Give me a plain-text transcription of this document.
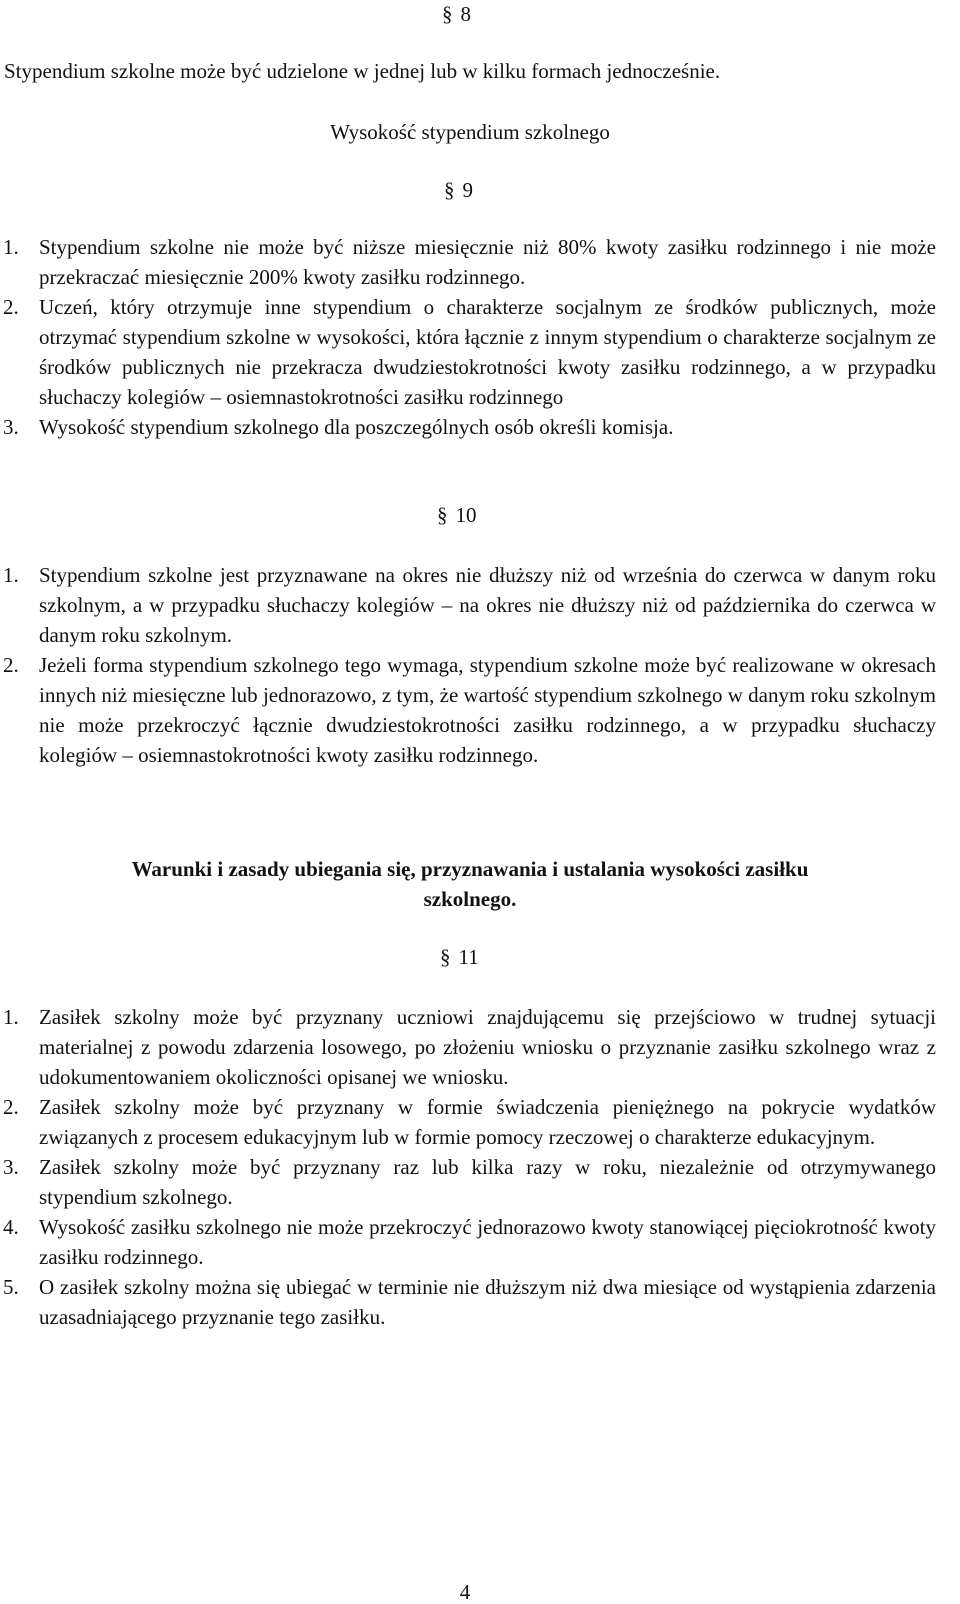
§ 8
Stypendium szkolne może być udzielone w jednej lub w kilku formach jednocześnie.
Wysokość stypendium szkolnego
§ 9
1. Stypendium szkolne nie może być niższe miesięcznie niż 80% kwoty zasiłku rodzinnego i nie może przekraczać miesięcznie 200% kwoty zasiłku rodzinnego.
2. Uczeń, który otrzymuje inne stypendium o charakterze socjalnym ze środków publicznych, może otrzymać stypendium szkolne w wysokości, która łącznie z innym stypendium o charakterze socjalnym ze środków publicznych nie przekracza dwudziestokrotności kwoty zasiłku rodzinnego, a w przypadku słuchaczy kolegiów – osiemnastokrotności zasiłku rodzinnego
3. Wysokość stypendium szkolnego dla poszczególnych osób określi komisja.
§ 10
1. Stypendium szkolne jest przyznawane na okres nie dłuższy niż od września do czerwca w danym roku szkolnym, a w przypadku słuchaczy kolegiów – na okres nie dłuższy niż od października do czerwca w danym roku szkolnym.
2. Jeżeli forma stypendium szkolnego tego wymaga, stypendium szkolne może być realizowane w okresach innych niż miesięczne lub jednorazowo, z tym, że wartość stypendium szkolnego w danym roku szkolnym nie może przekroczyć łącznie dwudziestokrotności zasiłku rodzinnego, a w przypadku słuchaczy kolegiów – osiemnastokrotności kwoty zasiłku rodzinnego.
Warunki i zasady ubiegania się, przyznawania i ustalania wysokości zasiłku
szkolnego.
§ 11
1. Zasiłek szkolny może być przyznany uczniowi znajdującemu się przejściowo w trudnej sytuacji materialnej z powodu zdarzenia losowego, po złożeniu wniosku o przyznanie zasiłku szkolnego wraz z udokumentowaniem okoliczności opisanej we wniosku.
2. Zasiłek szkolny może być przyznany w formie świadczenia pieniężnego na pokrycie wydatków związanych z procesem edukacyjnym lub w formie pomocy rzeczowej o charakterze edukacyjnym.
3. Zasiłek szkolny może być przyznany raz lub kilka razy w roku, niezależnie od otrzymywanego stypendium szkolnego.
4. Wysokość zasiłku szkolnego nie może przekroczyć jednorazowo kwoty stanowiącej pięciokrotność kwoty zasiłku rodzinnego.
5. O zasiłek szkolny można się ubiegać w terminie nie dłuższym niż dwa miesiące od wystąpienia zdarzenia uzasadniającego przyznanie tego zasiłku.
4
